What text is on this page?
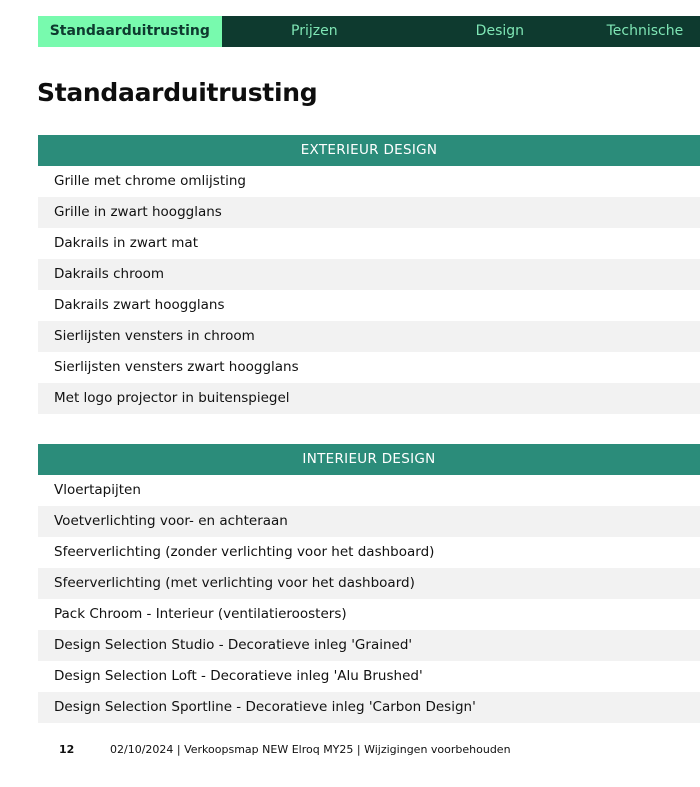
Standaarduitrusting	Prijzen	Design	Technische
Standaarduitrusting
EXTERIEUR DESIGN
Grille met chrome omlijsting
Grille in zwart hoogglans
Dakrails in zwart mat
Dakrails chroom
Dakrails zwart hoogglans
Sierlijsten vensters in chroom
Sierlijsten vensters zwart hoogglans
Met logo projector in buitenspiegel
INTERIEUR DESIGN
Vloertapijten
Voetverlichting voor- en achteraan
Sfeerverlichting (zonder verlichting voor het dashboard)
Sfeerverlichting (met verlichting voor het dashboard)
Pack Chroom - Interieur (ventilatieroosters)
Design Selection Studio - Decoratieve inleg 'Grained'
Design Selection Loft - Decoratieve inleg 'Alu Brushed'
Design Selection Sportline - Decoratieve inleg 'Carbon Design'
12	02/10/2024 | Verkoopsmap NEW Elroq MY25 | Wijzigingen voorbehouden
